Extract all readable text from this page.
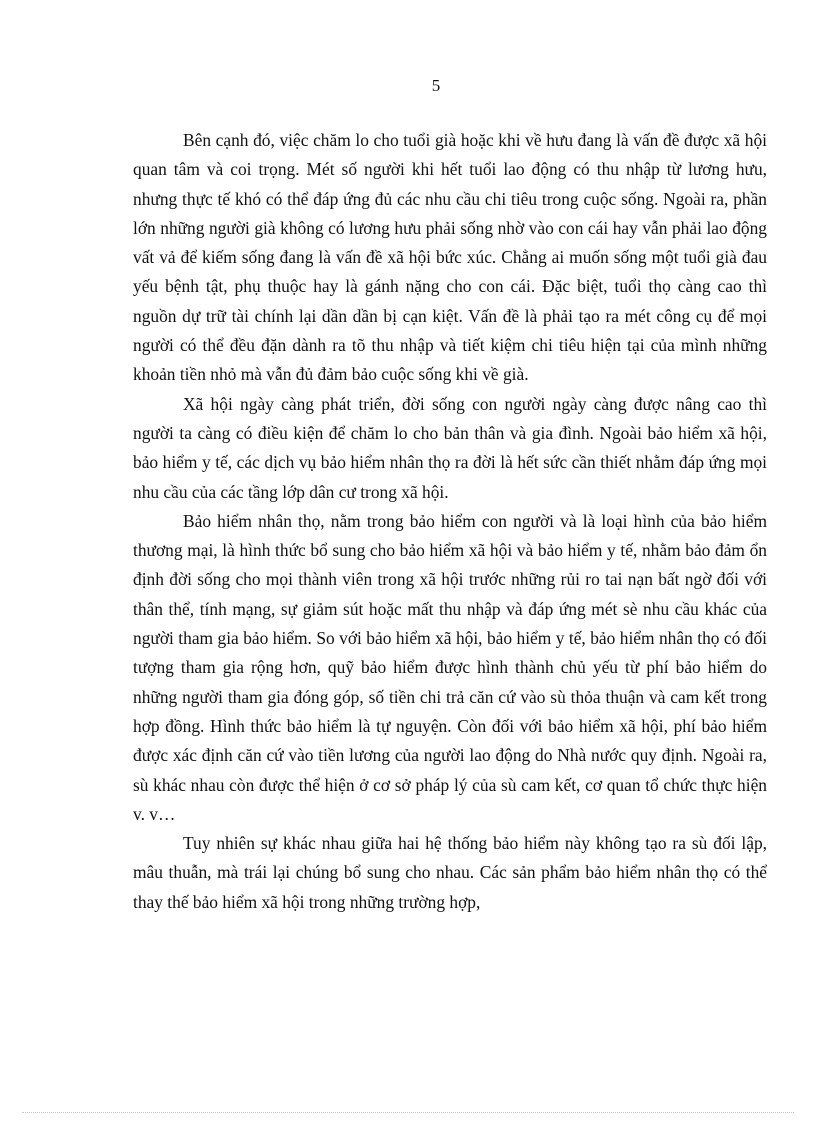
5

Bên cạnh đó, việc chăm lo cho tuổi già hoặc khi về hưu đang là vấn đề được xã hội quan tâm và coi trọng. Mét số người khi hết tuổi lao động có thu nhập từ lương hưu, nhưng thực tế khó có thể đáp ứng đủ các nhu cầu chi tiêu trong cuộc sống. Ngoài ra, phần lớn những người già không có lương hưu phải sống nhờ vào con cái hay vẫn phải lao động vất vả để kiếm sống đang là vấn đề xã hội bức xúc. Chẳng ai muốn sống một tuổi già đau yếu bệnh tật, phụ thuộc hay là gánh nặng cho con cái. Đặc biệt, tuổi thọ càng cao thì nguồn dự trữ tài chính lại dần dần bị cạn kiệt. Vấn đề là phải tạo ra mét công cụ để mọi người có thể đều đặn dành ra tõ thu nhập và tiết kiệm chi tiêu hiện tại của mình những khoản tiền nhỏ mà vẫn đủ đảm bảo cuộc sống khi về già.

Xã hội ngày càng phát triển, đời sống con người ngày càng được nâng cao thì người ta càng có điều kiện để chăm lo cho bản thân và gia đình. Ngoài bảo hiểm xã hội, bảo hiểm y tế, các dịch vụ bảo hiểm nhân thọ ra đời là hết sức cần thiết nhằm đáp ứng mọi nhu cầu của các tầng lớp dân cư trong xã hội.

Bảo hiểm nhân thọ, nằm trong bảo hiểm con người và là loại hình của bảo hiểm thương mại, là hình thức bổ sung cho bảo hiểm xã hội và bảo hiểm y tế, nhằm bảo đảm ổn định đời sống cho mọi thành viên trong xã hội trước những rủi ro tai nạn bất ngờ đối với thân thể, tính mạng, sự giảm sút hoặc mất thu nhập và đáp ứng mét sè nhu cầu khác của người tham gia bảo hiểm. So với bảo hiểm xã hội, bảo hiểm y tế, bảo hiểm nhân thọ có đối tượng tham gia rộng hơn, quỹ bảo hiểm được hình thành chủ yếu từ phí bảo hiểm do những người tham gia đóng góp, số tiền chi trả căn cứ vào sù thỏa thuận và cam kết trong hợp đồng. Hình thức bảo hiểm là tự nguyện. Còn đối với bảo hiểm xã hội, phí bảo hiểm được xác định căn cứ vào tiền lương của người lao động do Nhà nước quy định. Ngoài ra, sù khác nhau còn được thể hiện ở cơ sở pháp lý của sù cam kết, cơ quan tổ chức thực hiện v. v…

Tuy nhiên sự khác nhau giữa hai hệ thống bảo hiểm này không tạo ra sù đối lập, mâu thuẫn, mà trái lại chúng bổ sung cho nhau. Các sản phẩm bảo hiểm nhân thọ có thể thay thế bảo hiểm xã hội trong những trường hợp,
